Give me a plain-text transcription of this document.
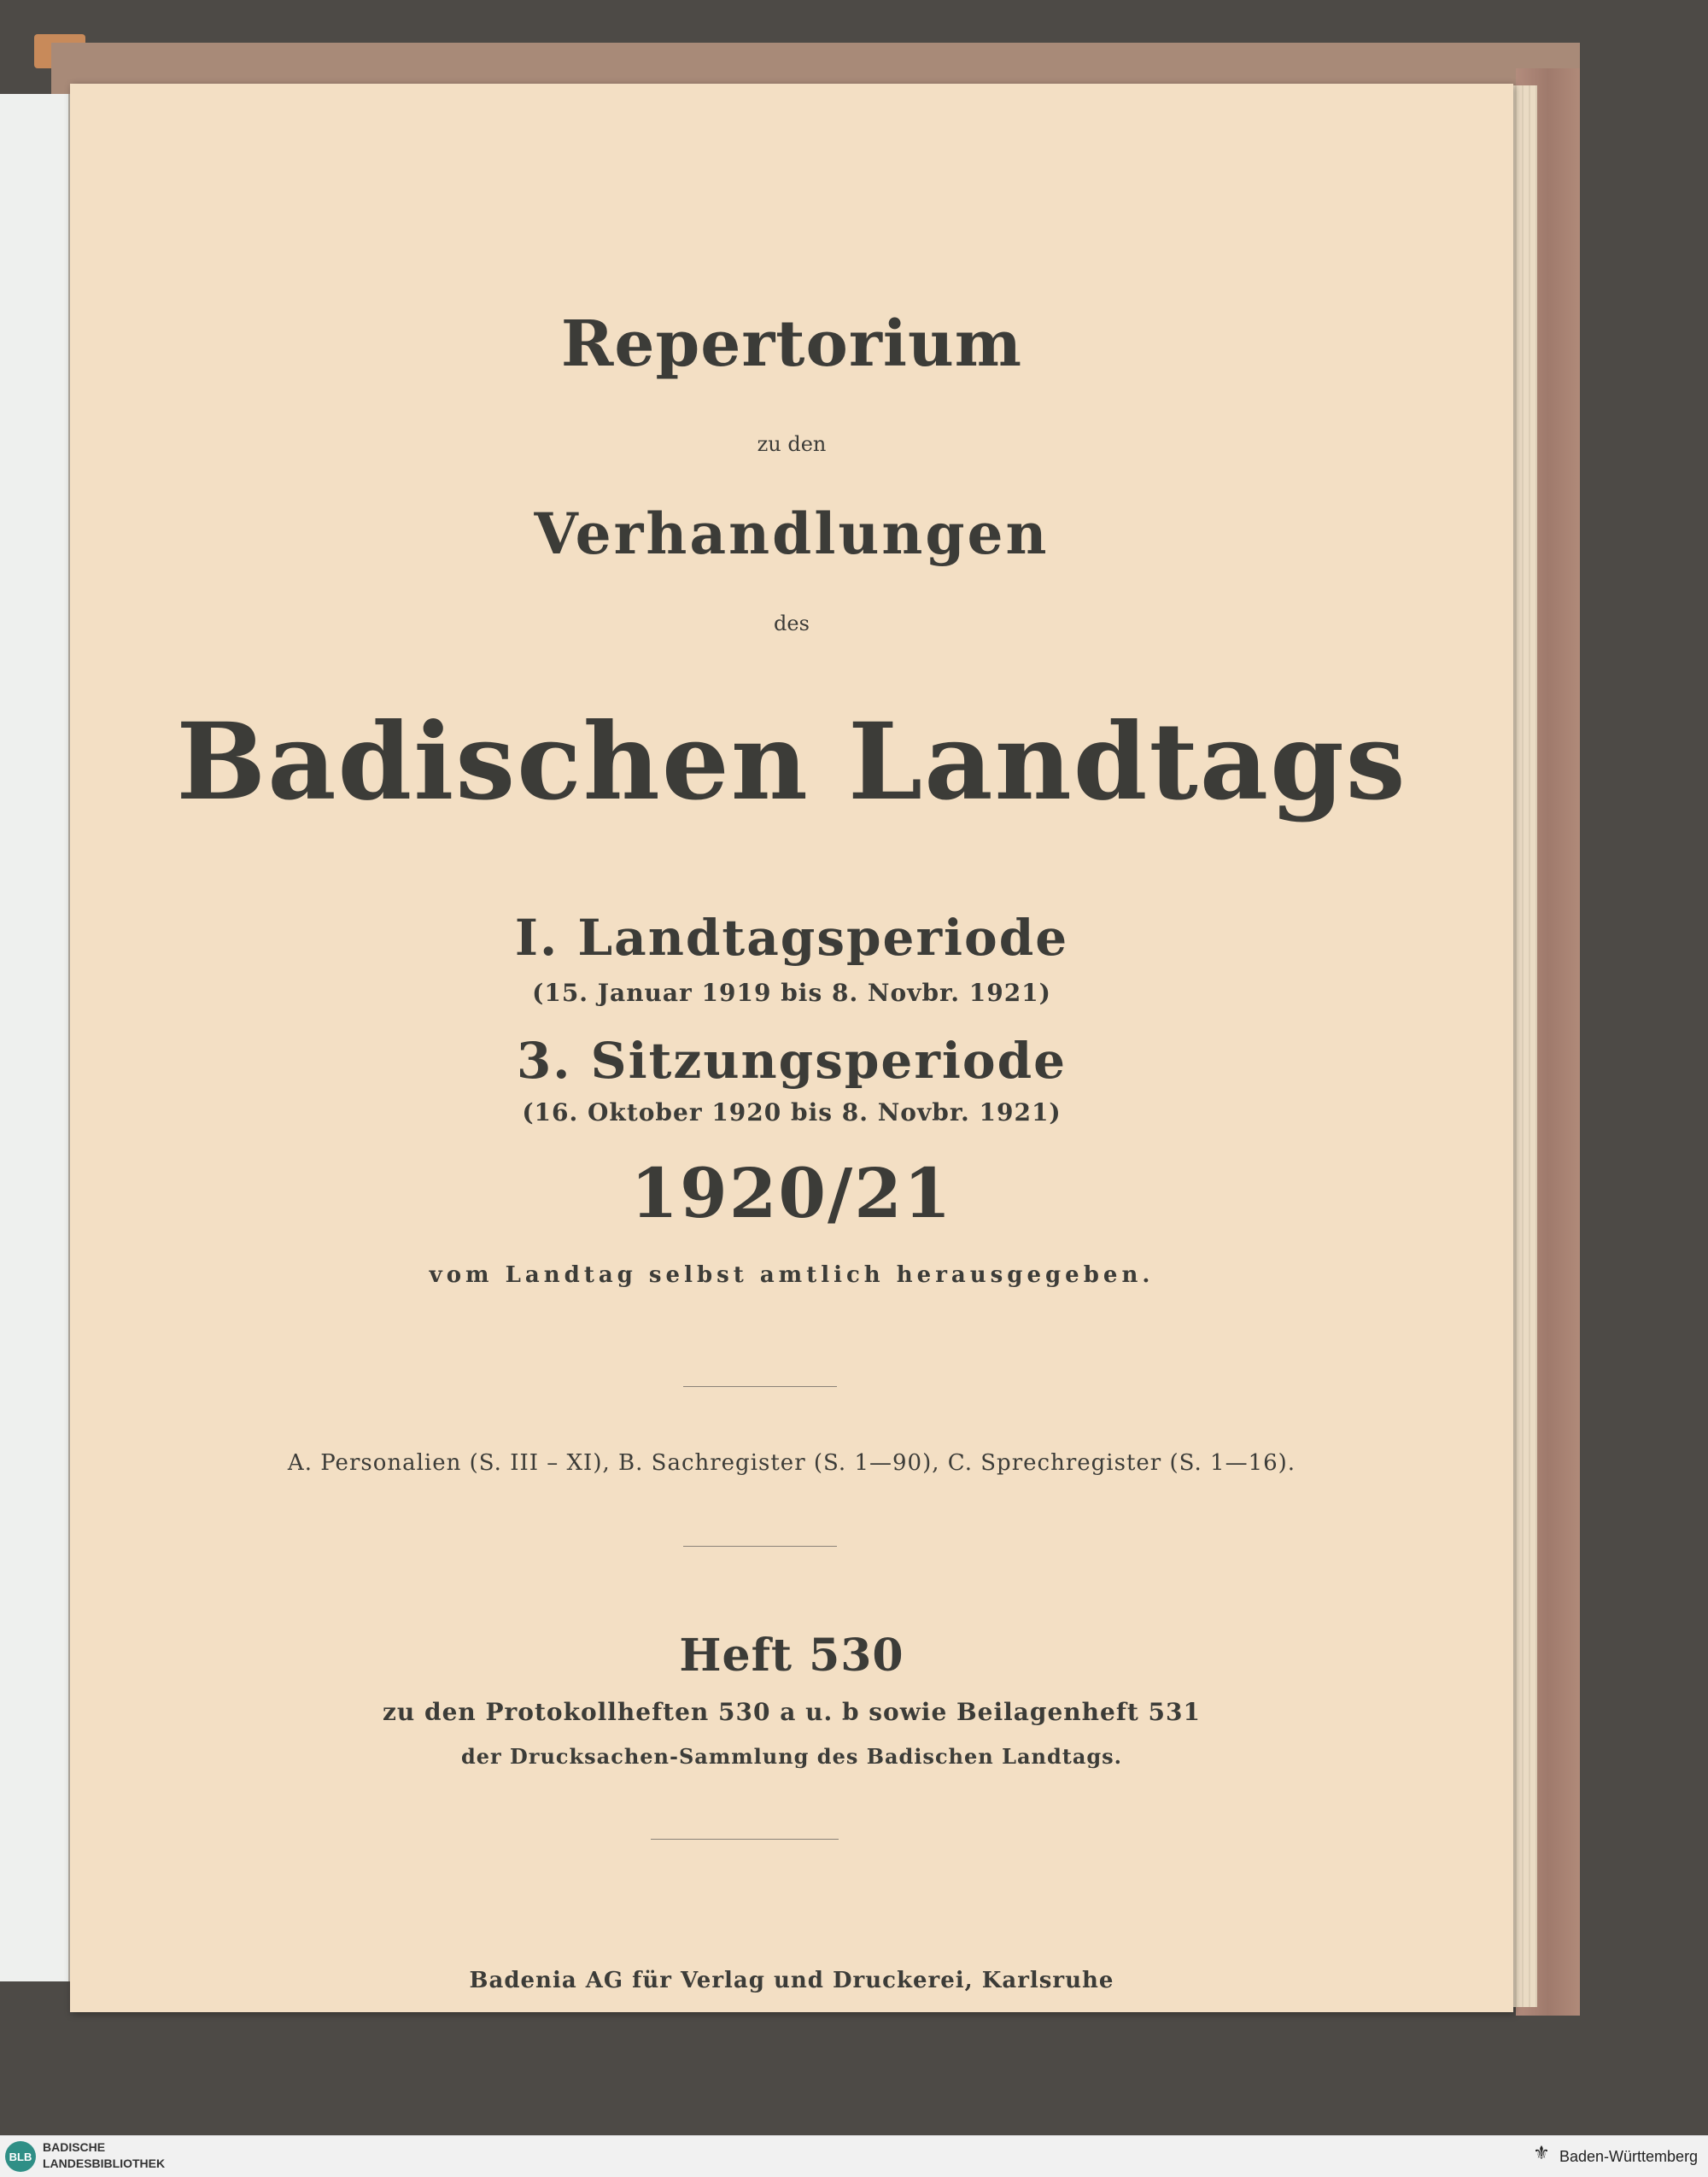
Repertorium
zu den
Verhandlungen
des
Badischen Landtags
I. Landtagsperiode
(15. Januar 1919 bis 8. Novbr. 1921)
3. Sitzungsperiode
(16. Oktober 1920 bis 8. Novbr. 1921)
1920/21
vom Landtag selbst amtlich herausgegeben.
A. Personalien (S. III – XI), B. Sachregister (S. 1—90), C. Sprechregister (S. 1—16).
Heft 530
zu den Protokollheften 530 a u. b sowie Beilagenheft 531
der Drucksachen-Sammlung des Badischen Landtags.
Badenia AG für Verlag und Druckerei, Karlsruhe
BLB
BADISCHE
LANDESBIBLIOTHEK	⚜ Baden-Württemberg
